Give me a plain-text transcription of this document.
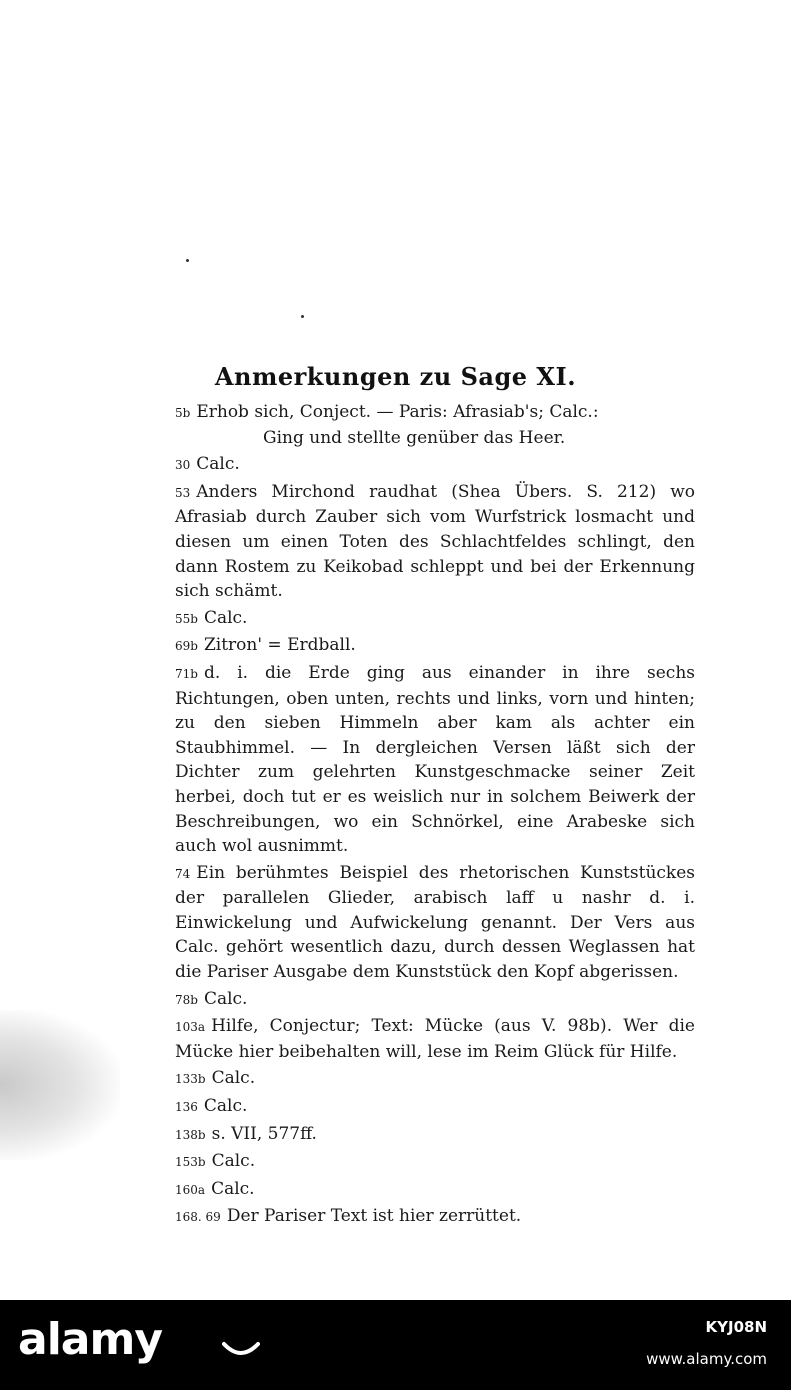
Anmerkungen zu Sage XI.

5b Erhob sich, Conject. — Paris: Afrasiab's; Calc.:
Ging und stellte genüber das Heer.

30 Calc.

53 Anders Mirchond raudhat (Shea Übers. S. 212) wo Afrasiab durch Zauber sich vom Wurfstrick losmacht und diesen um einen Toten des Schlachtfeldes schlingt, den dann Rostem zu Keikobad schleppt und bei der Erkennung sich schämt.

55b Calc.

69b Zitron' = Erdball.

71b d. i. die Erde ging aus einander in ihre sechs Richtungen, oben unten, rechts und links, vorn und hinten; zu den sieben Himmeln aber kam als achter ein Staubhimmel. — In dergleichen Versen läßt sich der Dichter zum gelehrten Kunstgeschmacke seiner Zeit herbei, doch tut er es weislich nur in solchem Beiwerk der Beschreibungen, wo ein Schnörkel, eine Arabeske sich auch wol ausnimmt.

74 Ein berühmtes Beispiel des rhetorischen Kunststückes der parallelen Glieder, arabisch laff u nashr d. i. Einwickelung und Aufwickelung genannt. Der Vers aus Calc. gehört wesentlich dazu, durch dessen Weglassen hat die Pariser Ausgabe dem Kunststück den Kopf abgerissen.

78b Calc.

103a Hilfe, Conjectur; Text: Mücke (aus V. 98b). Wer die Mücke hier beibehalten will, lese im Reim Glück für Hilfe.

133b Calc.

136 Calc.

138b s. VII, 577ff.

153b Calc.

160a Calc.

168. 69 Der Pariser Text ist hier zerrüttet.

alamy	KYJ08N
www.alamy.com
